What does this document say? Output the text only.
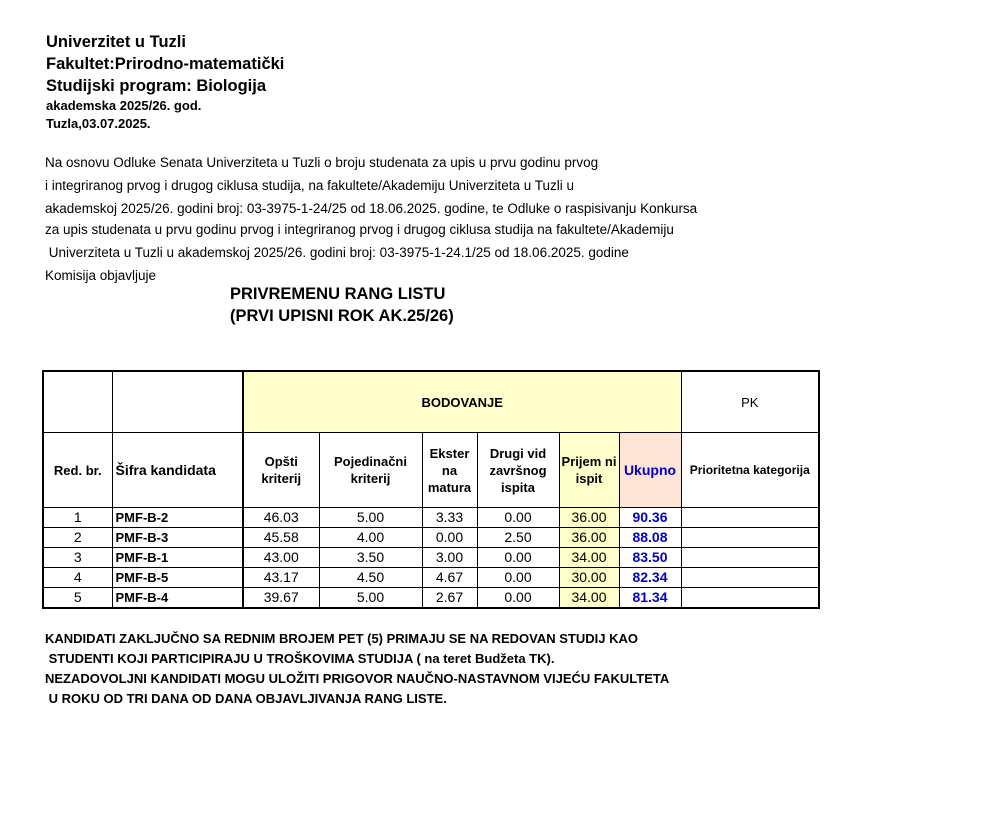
Univerzitet u Tuzli
Fakultet:Prirodno-matematički
Studijski program: Biologija
akademska 2025/26. god.
Tuzla,03.07.2025.
Na osnovu Odluke Senata Univerziteta u Tuzli o broju studenata za upis u prvu godinu prvog
i integriranog prvog i drugog ciklusa studija, na fakultete/Akademiju Univerziteta u Tuzli u
akademskoj 2025/26. godini broj: 03-3975-1-24/25 od 18.06.2025. godine, te Odluke o raspisivanju Konkursa
za upis studenata u prvu godinu prvog i integriranog prvog i drugog ciklusa studija na fakultete/Akademiju
Univerziteta u Tuzli u akademskoj 2025/26. godini broj: 03-3975-1-24.1/25 od 18.06.2025. godine
Komisija objavljuje
PRIVREMENU RANG LISTU
(PRVI UPISNI ROK AK.25/26)
		BODOVANJE						PK
Red. br.	Šifra kandidata	Opšti kriterij	Pojedinačni kriterij	Ekster na matura	Drugi vid završnog ispita	Prijem ni ispit	Ukupno	Prioritetna kategorija
1	PMF-B-2	46.03	5.00	3.33	0.00	36.00	90.36	
2	PMF-B-3	45.58	4.00	0.00	2.50	36.00	88.08	
3	PMF-B-1	43.00	3.50	3.00	0.00	34.00	83.50	
4	PMF-B-5	43.17	4.50	4.67	0.00	30.00	82.34	
5	PMF-B-4	39.67	5.00	2.67	0.00	34.00	81.34	
KANDIDATI ZAKLJUČNO SA REDNIM BROJEM PET (5) PRIMAJU SE NA REDOVAN STUDIJ KAO
STUDENTI KOJI PARTICIPIRAJU U TROŠKOVIMA STUDIJA ( na teret Budžeta TK).
NEZADOVOLJNI KANDIDATI MOGU ULOŽITI PRIGOVOR NAUČNO-NASTAVNOM VIJEĆU FAKULTETA
U ROKU OD TRI DANA OD DANA OBJAVLJIVANJA RANG LISTE.
